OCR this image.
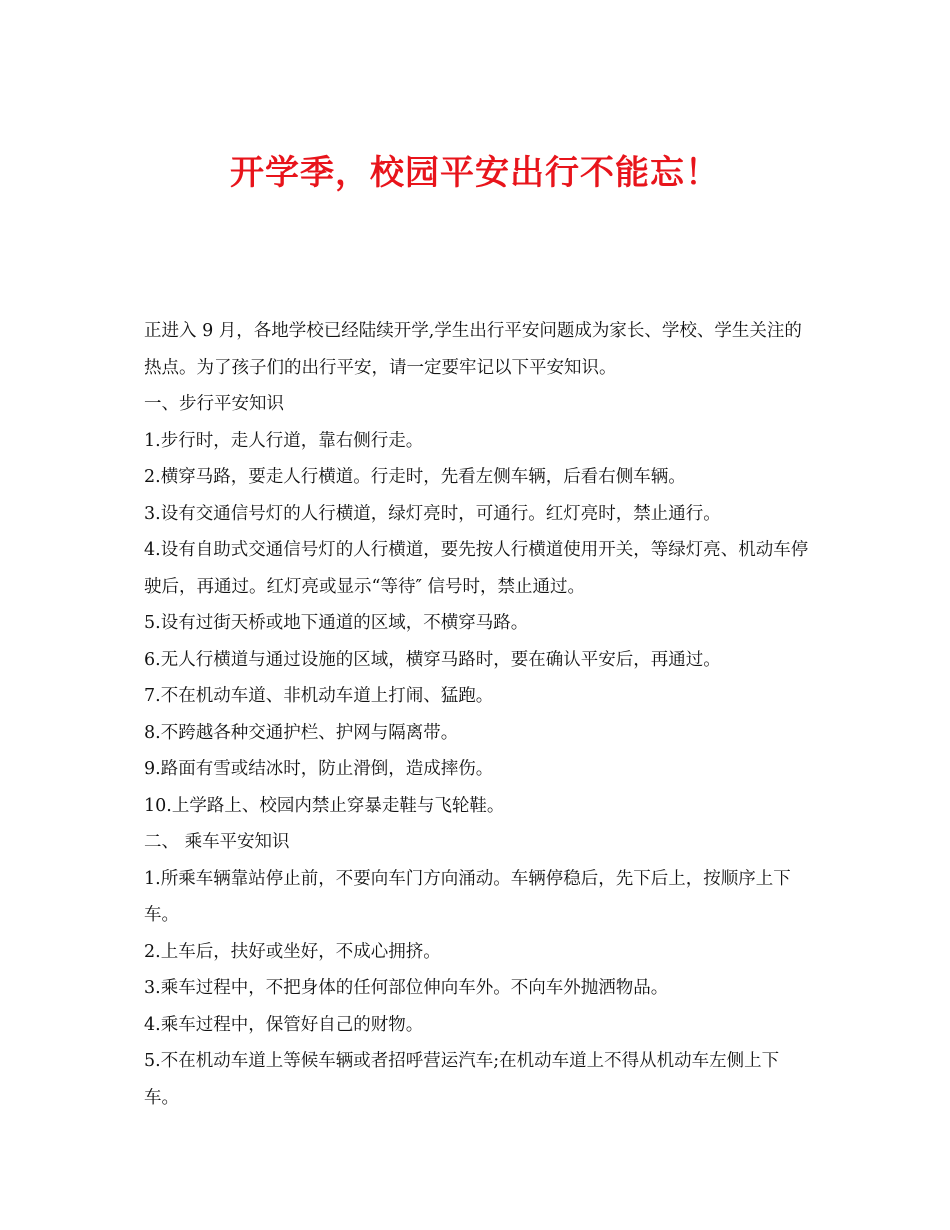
开学季，校园平安出行不能忘！

正进入 9 月，各地学校已经陆续开学,学生出行平安问题成为家长、学校、学生关注的热点。为了孩子们的出行平安，请一定要牢记以下平安知识。

一、步行平安知识

1.步行时，走人行道，靠右侧行走。

2.横穿马路，要走人行横道。行走时，先看左侧车辆，后看右侧车辆。

3.设有交通信号灯的人行横道，绿灯亮时，可通行。红灯亮时，禁止通行。

4.设有自助式交通信号灯的人行横道，要先按人行横道使用开关，等绿灯亮、机动车停驶后，再通过。红灯亮或显示“等待″ 信号时，禁止通过。

5.设有过街天桥或地下通道的区域，不横穿马路。

6.无人行横道与通过设施的区域，横穿马路时，要在确认平安后，再通过。

7.不在机动车道、非机动车道上打闹、猛跑。

8.不跨越各种交通护栏、护网与隔离带。

9.路面有雪或结冰时，防止滑倒，造成摔伤。

10.上学路上、校园内禁止穿暴走鞋与飞轮鞋。

二、 乘车平安知识

1.所乘车辆靠站停止前，不要向车门方向涌动。车辆停稳后，先下后上，按顺序上下车。

2.上车后，扶好或坐好，不成心拥挤。

3.乘车过程中，不把身体的任何部位伸向车外。不向车外抛洒物品。

4.乘车过程中，保管好自己的财物。

5.不在机动车道上等候车辆或者招呼营运汽车;在机动车道上不得从机动车左侧上下车。
